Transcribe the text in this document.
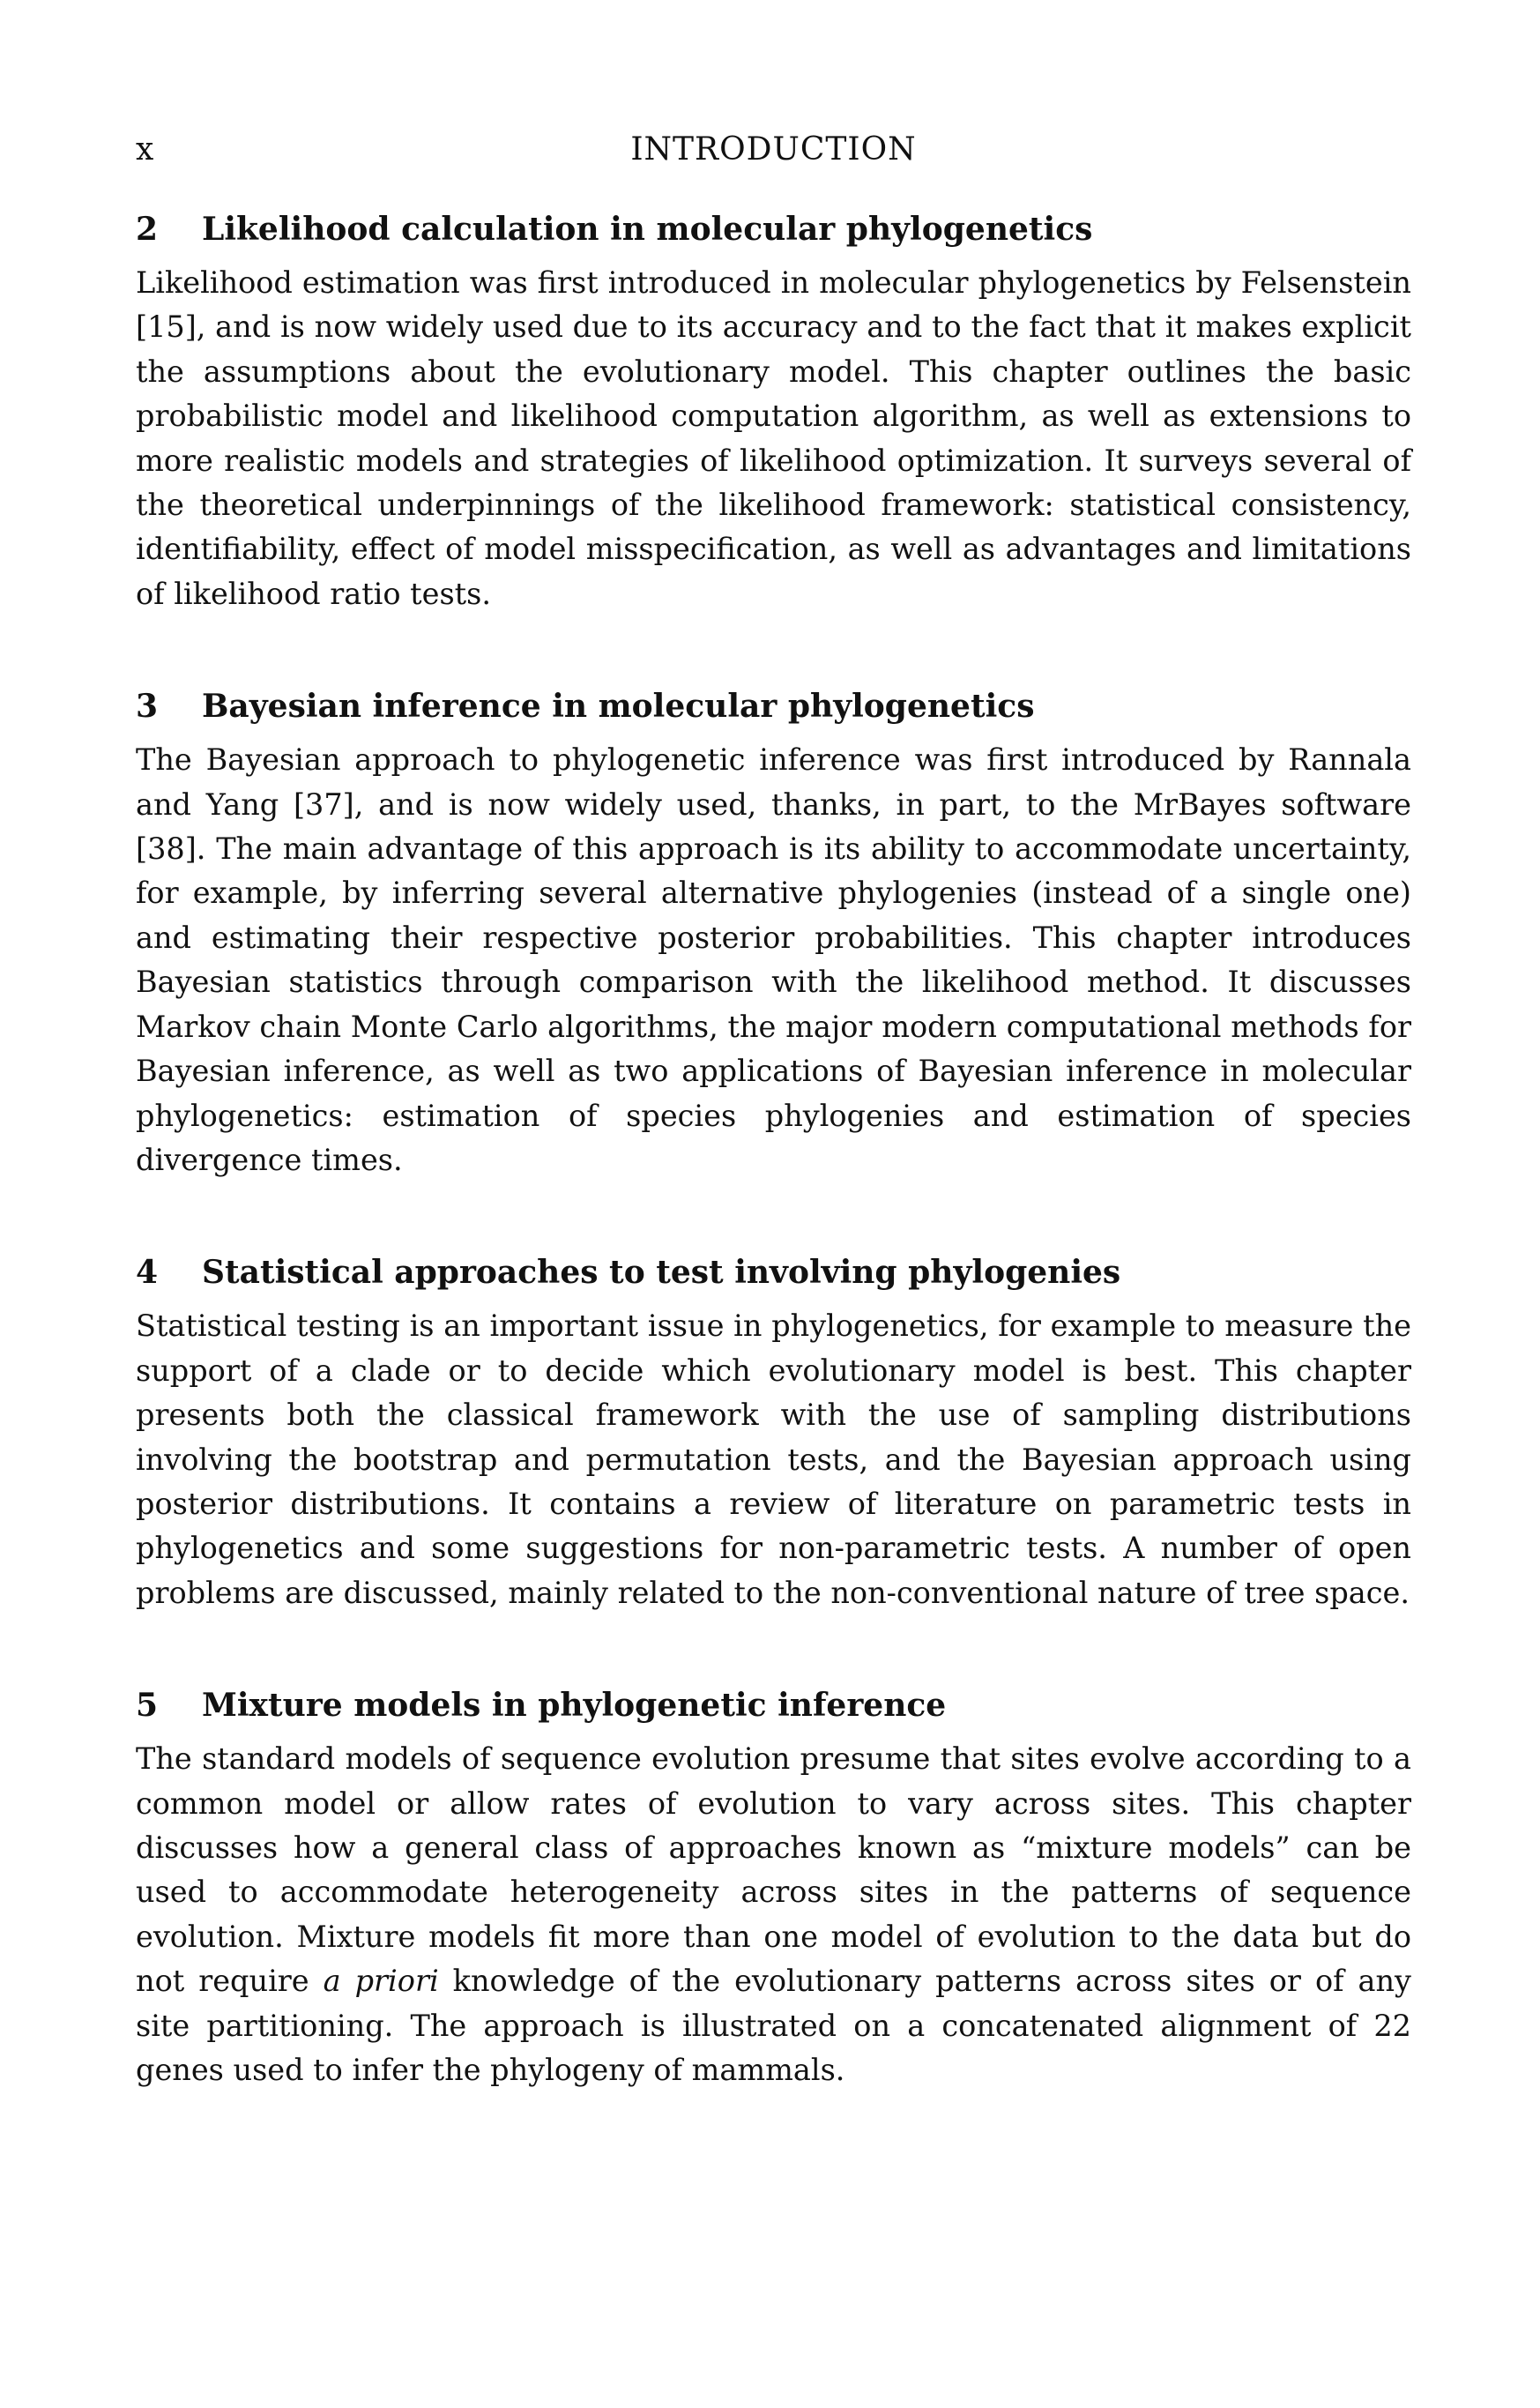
x	INTRODUCTION
2 Likelihood calculation in molecular phylogenetics

Likelihood estimation was first introduced in molecular phylogenetics by Felsenstein [15], and is now widely used due to its accuracy and to the fact that it makes explicit the assumptions about the evolutionary model. This chapter outlines the basic probabilistic model and likelihood computation algorithm, as well as extensions to more realistic models and strategies of likelihood optimization. It surveys several of the theoretical underpinnings of the likelihood framework: statistical consistency, identifiability, effect of model misspecification, as well as advantages and limitations of likelihood ratio tests.

3 Bayesian inference in molecular phylogenetics

The Bayesian approach to phylogenetic inference was first introduced by Rannala and Yang [37], and is now widely used, thanks, in part, to the MrBayes software [38]. The main advantage of this approach is its ability to accommodate uncertainty, for example, by inferring several alternative phylogenies (instead of a single one) and estimating their respective posterior probabilities. This chapter introduces Bayesian statistics through comparison with the likelihood method. It discusses Markov chain Monte Carlo algorithms, the major modern computational methods for Bayesian inference, as well as two applications of Bayesian inference in molecular phylogenetics: estimation of species phylogenies and estimation of species divergence times.

4 Statistical approaches to test involving phylogenies

Statistical testing is an important issue in phylogenetics, for example to measure the support of a clade or to decide which evolutionary model is best. This chapter presents both the classical framework with the use of sampling distributions involving the bootstrap and permutation tests, and the Bayesian approach using posterior distributions. It contains a review of literature on parametric tests in phylogenetics and some suggestions for non-parametric tests. A number of open problems are discussed, mainly related to the non-conventional nature of tree space.

5 Mixture models in phylogenetic inference

The standard models of sequence evolution presume that sites evolve according to a common model or allow rates of evolution to vary across sites. This chapter discusses how a general class of approaches known as “mixture models” can be used to accommodate heterogeneity across sites in the patterns of sequence evolution. Mixture models fit more than one model of evolution to the data but do not require a priori knowledge of the evolutionary patterns across sites or of any site partitioning. The approach is illustrated on a concatenated alignment of 22 genes used to infer the phylogeny of mammals.
